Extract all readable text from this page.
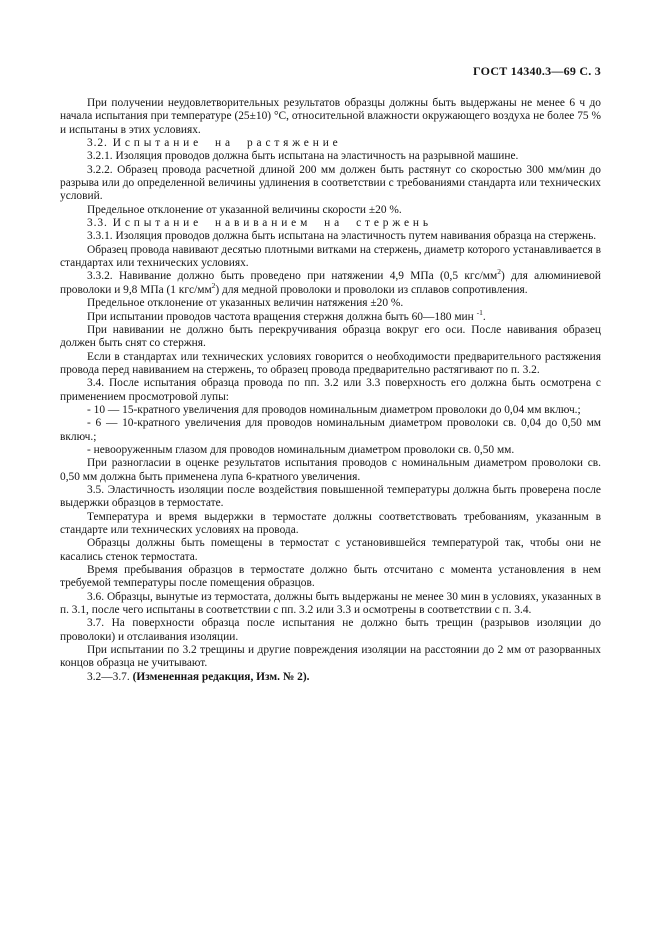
ГОСТ 14340.3—69 С. 3

При получении неудовлетворительных результатов образцы должны быть выдержаны не менее 6 ч до начала испытания при температуре (25±10) °С, относительной влажности окружающего воздуха не более 75 % и испытаны в этих условиях.

3.2. Испытание на растяжение

3.2.1. Изоляция проводов должна быть испытана на эластичность на разрывной машине.

3.2.2. Образец провода расчетной длиной 200 мм должен быть растянут со скоростью 300 мм/мин до разрыва или до определенной величины удлинения в соответствии с требованиями стандарта или технических условий.

Предельное отклонение от указанной величины скорости ±20 %.

3.3. Испытание навиванием на стержень

3.3.1. Изоляция проводов должна быть испытана на эластичность путем навивания образца на стержень.

Образец провода навивают десятью плотными витками на стержень, диаметр которого устанавливается в стандартах или технических условиях.

3.3.2. Навивание должно быть проведено при натяжении 4,9 МПа (0,5 кгс/$мм^2$) для алюминиевой проволоки и 9,8 МПа (1 кгс/$мм^2$) для медной проволоки и проволоки из сплавов сопротивления.

Предельное отклонение от указанных величин натяжения ±20 %.

При испытании проводов частота вращения стержня должна быть 60—180 мин $^{-1}$.

При навивании не должно быть перекручивания образца вокруг его оси. После навивания образец должен быть снят со стержня.

Если в стандартах или технических условиях говорится о необходимости предварительного растяжения провода перед навиванием на стержень, то образец провода предварительно растягивают по п. 3.2.

3.4. После испытания образца провода по пп. 3.2 или 3.3 поверхность его должна быть осмотрена с применением просмотровой лупы:

- 10 — 15-кратного увеличения для проводов номинальным диаметром проволоки до 0,04 мм включ.;

- 6 — 10-кратного увеличения для проводов номинальным диаметром проволоки св. 0,04 до 0,50 мм включ.;

- невооруженным глазом для проводов номинальным диаметром проволоки св. 0,50 мм.

При разногласии в оценке результатов испытания проводов с номинальным диаметром проволоки св. 0,50 мм должна быть применена лупа 6-кратного увеличения.

3.5. Эластичность изоляции после воздействия повышенной температуры должна быть проверена после выдержки образцов в термостате.

Температура и время выдержки в термостате должны соответствовать требованиям, указанным в стандарте или технических условиях на провода.

Образцы должны быть помещены в термостат с установившейся температурой так, чтобы они не касались стенок термостата.

Время пребывания образцов в термостате должно быть отсчитано с момента установления в нем требуемой температуры после помещения образцов.

3.6. Образцы, вынутые из термостата, должны быть выдержаны не менее 30 мин в условиях, указанных в п. 3.1, после чего испытаны в соответствии с пп. 3.2 или 3.3 и осмотрены в соответствии с п. 3.4.

3.7. На поверхности образца после испытания не должно быть трещин (разрывов изоляции до проволоки) и отслаивания изоляции.

При испытании по 3.2 трещины и другие повреждения изоляции на расстоянии до 2 мм от разорванных концов образца не учитывают.

3.2—3.7. (Измененная редакция, Изм. № 2).
